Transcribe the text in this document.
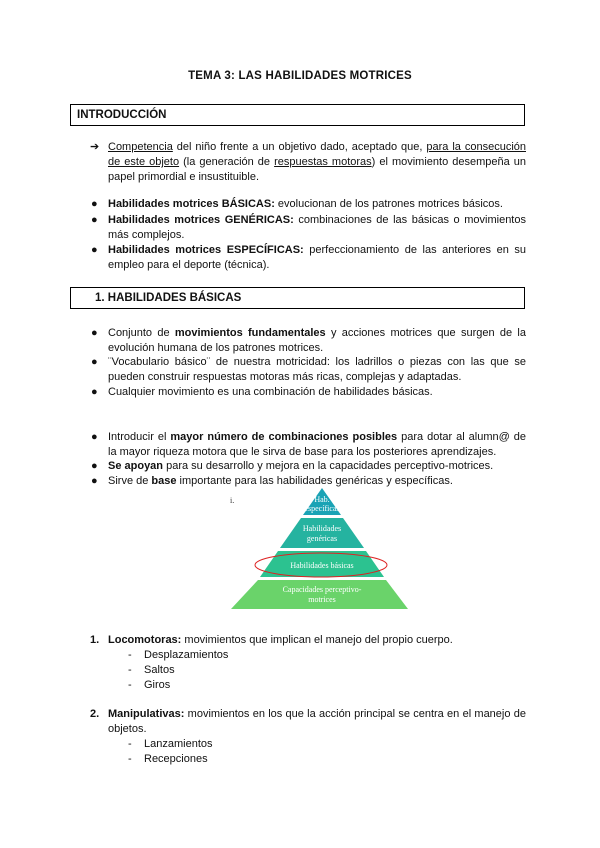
TEMA 3: LAS HABILIDADES MOTRICES
INTRODUCCIÓN
➔ Competencia del niño frente a un objetivo dado, aceptado que, para la consecución de este objeto (la generación de respuestas motoras) el movimiento desempeña un papel primordial e insustituible.
● Habilidades motrices BÁSICAS: evolucionan de los patrones motrices básicos.
● Habilidades motrices GENÉRICAS: combinaciones de las básicas o movimientos más complejos.
● Habilidades motrices ESPECÍFICAS: perfeccionamiento de las anteriores en su empleo para el deporte (técnica).
1. HABILIDADES BÁSICAS
● Conjunto de movimientos fundamentales y acciones motrices que surgen de la evolución humana de los patrones motrices.
● ¨Vocabulario básico¨ de nuestra motricidad: los ladrillos o piezas con las que se pueden construir respuestas motoras más ricas, complejas y adaptadas.
● Cualquier movimiento es una combinación de habilidades básicas.
● Introducir el mayor número de combinaciones posibles para dotar al alumn@ de la mayor riqueza motora que le sirva de base para los posteriores aprendizajes.
● Se apoyan para su desarrollo y mejora en la capacidades perceptivo-motrices.
● Sirve de base importante para las habilidades genéricas y específicas.
i.	Hab.
específicas
Habilidades
genéricas
Habilidades básicas
Capacidades perceptivo-
motrices
1. Locomotoras: movimientos que implican el manejo del propio cuerpo.
- Desplazamientos
- Saltos
- Giros
2. Manipulativas: movimientos en los que la acción principal se centra en el manejo de objetos.
- Lanzamientos
- Recepciones
